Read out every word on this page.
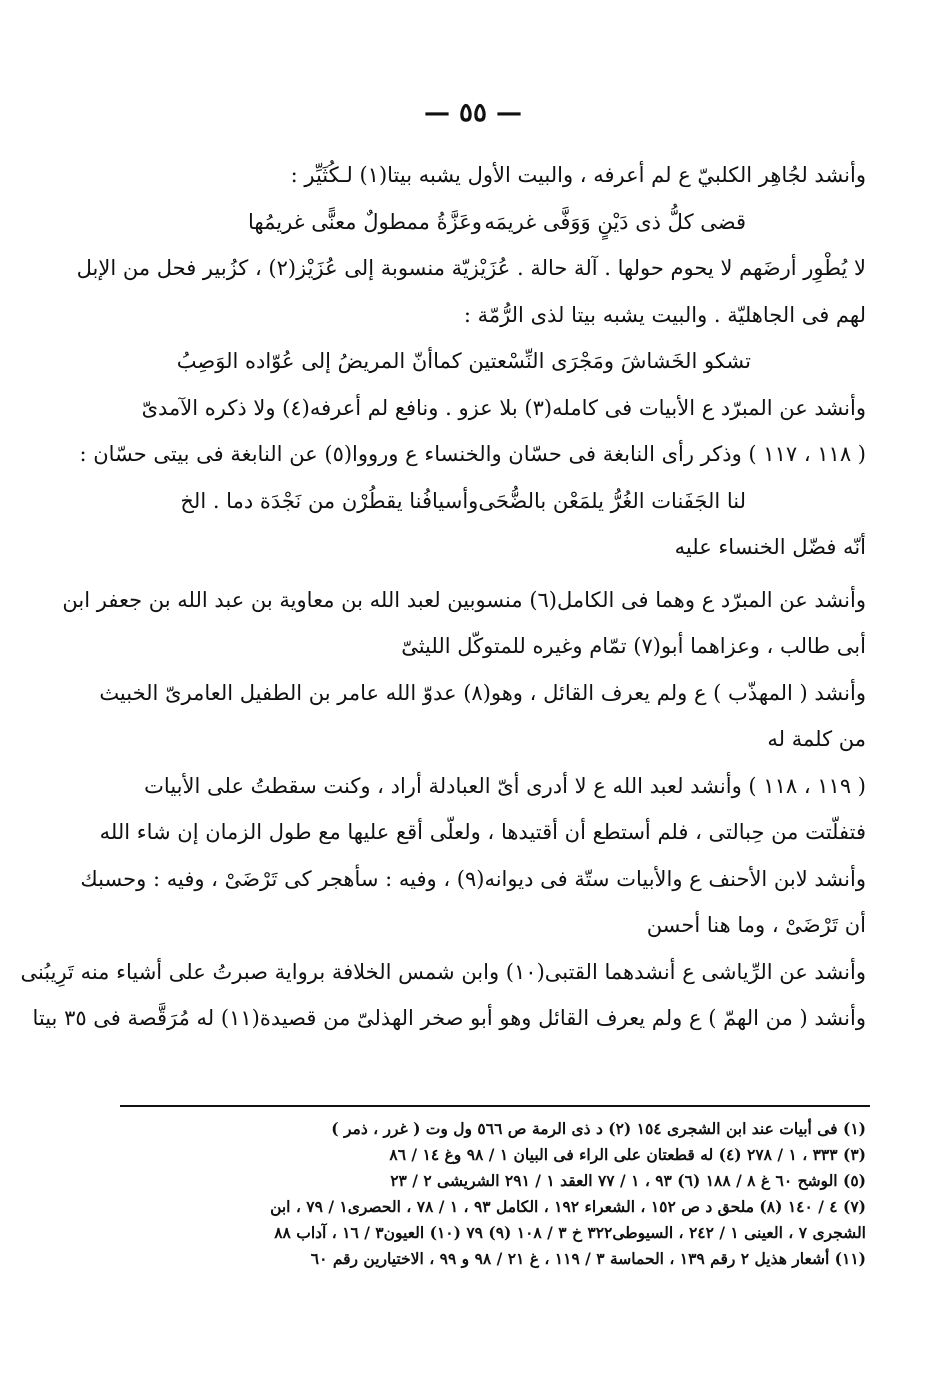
— ٥٥ —
وأنشد لجُاهِر الكلبيّ ع لم أعرفه ، والبيت الأول يشبه بيتا(١) لـكُثَيِّر :
قضى كلُّ ذى دَيْنٍ وَوَفَّى غريمَه
وعَزَّةُ ممطولٌ معنًّى غريمُها
لا يُطْوِر أرضَهم لا يحوم حولها . آلة حالة . عُزَيْزيّة منسوبة إلى عُزَيْز(٢) ، كزُبير فحل من الإبل
لهم فى الجاهليّة . والبيت يشبه بيتا لذى الرُّمّة :
تشكو الخَشاشَ ومَجْرَى النِّسْعتين كما
أنّ المريضُ إلى عُوّاده الوَصِبُ
وأنشد عن المبرّد ع الأبيات فى كامله(٣) بلا عزو . ونافع لم أعرفه(٤) ولا ذكره الآمدىّ
( ١١٨ ، ١١٧ ) وذكر رأى النابغة فى حسّان والخنساء ع ورووا(٥) عن النابغة فى بيتى حسّان :
لنا الجَفَنات الغُرُّ يلمَعْن بالضُّحَى
وأسيافُنا يقطُرْن من نَجْدَة دما . الخ
أنّه فضّل الخنساء عليه
وأنشد عن المبرّد ع وهما فى الكامل(٦) منسوبين لعبد الله بن معاوية بن عبد الله بن جعفر ابن
أبى طالب ، وعزاهما أبو(٧) تمّام وغيره للمتوكّل الليثىّ
وأنشد ( المهذّب ) ع ولم يعرف القائل ، وهو(٨) عدوّ الله عامر بن الطفيل العامرىّ الخبيث
من كلمة له
( ١١٩ ، ١١٨ ) وأنشد لعبد الله ع لا أدرى أىّ العبادلة أراد ، وكنت سقطتُ على الأبيات
فتفلّتت من حِبالتى ، فلم أستطع أن أقتيدها ، ولعلّى أقع عليها مع طول الزمان إن شاء الله
وأنشد لابن الأحنف ع والأبيات ستّة فى ديوانه(٩) ، وفيه : سأهجر كى تَرْضَىْ ، وفيه : وحسبك
أن تَرْضَىْ ، وما هنا أحسن
وأنشد عن الرِّياشى ع أنشدهما القتبى(١٠) وابن شمس الخلافة برواية صبرتُ على أشياء منه تَرِيبُنى
وأنشد ( من الهمّ ) ع ولم يعرف القائل وهو أبو صخر الهذلىّ من قصيدة(١١) له مُرَقَّصة فى ٣٥ بيتا
(١) فى أبيات عند ابن الشجرى ١٥٤ (٢) د ذى الرمة ص ٥٦٦ ول وت ( غرر ، ذمر )
(٣) ٣٣٣ ، ١ / ٢٧٨ (٤) له قطعتان على الراء فى البيان ١ / ٩٨ وغ ١٤ / ٨٦
(٥) الوشح ٦٠ غ ٨ / ١٨٨ (٦) ٩٣ ، ١ / ٧٧ العقد ١ / ٢٩١ الشريشى ٢ / ٢٣
(٧) ٤ / ١٤٠ (٨) ملحق د ص ١٥٢ ، الشعراء ١٩٢ ، الكامل ٩٣ ، ١ / ٧٨ ، الحصرى١ / ٧٩ ، ابن
الشجرى ٧ ، العينى ١ / ٢٤٢ ، السيوطى٣٢٢ خ ٣ / ١٠٨ (٩) ٧٩ (١٠) العيون٣ / ١٦ ، آداب ٨٨
(١١) أشعار هذيل ٢ رقم ١٣٩ ، الحماسة ٣ / ١١٩ ، غ ٢١ / ٩٨ و ٩٩ ، الاختيارين رقم ٦٠
